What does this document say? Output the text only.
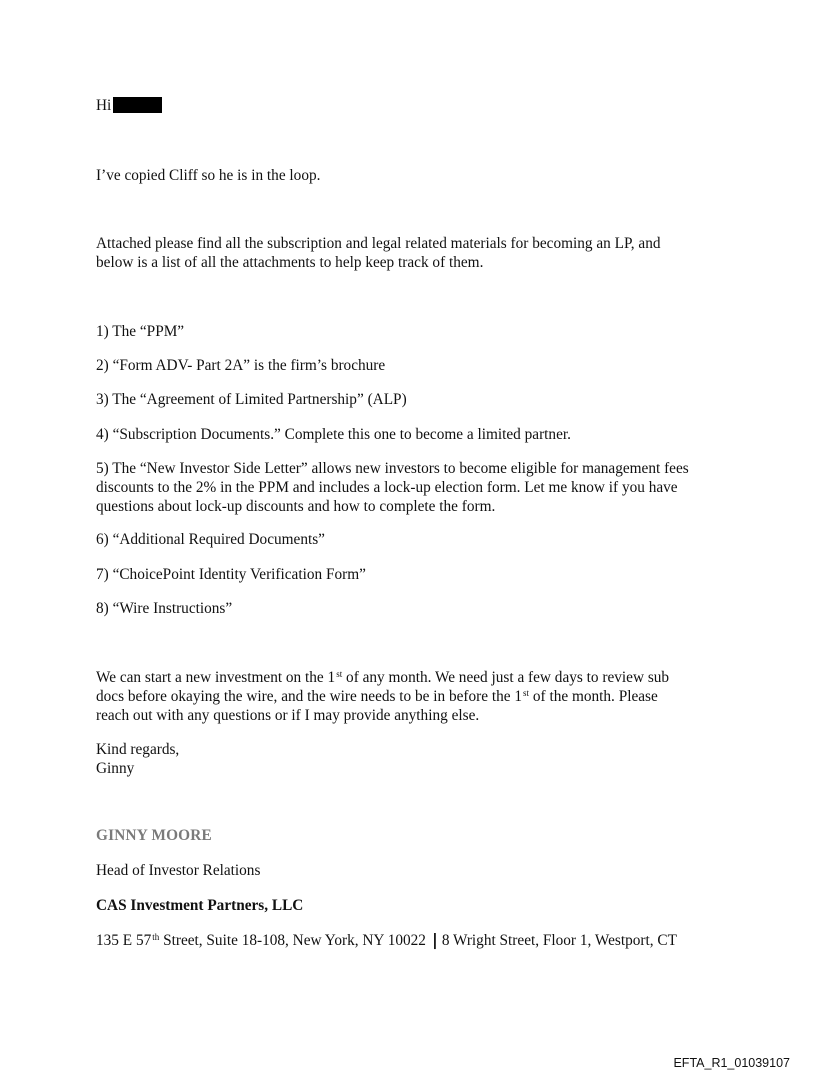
Hi

I’ve copied Cliff so he is in the loop.

Attached please find all the subscription and legal related materials for becoming an LP, and
below is a list of all the attachments to help keep track of them.

1) The “PPM”

2) “Form ADV- Part 2A” is the firm’s brochure

3) The “Agreement of Limited Partnership” (ALP)

4) “Subscription Documents.” Complete this one to become a limited partner.

5) The “New Investor Side Letter” allows new investors to become eligible for management fees
discounts to the 2% in the PPM and includes a lock-up election form. Let me know if you have
questions about lock-up discounts and how to complete the form.

6) “Additional Required Documents”

7) “ChoicePoint Identity Verification Form”

8) “Wire Instructions”

We can start a new investment on the 1st of any month. We need just a few days to review sub
docs before okaying the wire, and the wire needs to be in before the 1st of the month. Please
reach out with any questions or if I may provide anything else.

Kind regards,
Ginny

GINNY MOORE

Head of Investor Relations

CAS Investment Partners, LLC

135 E 57th Street, Suite 18-108, New York, NY 10022 | 8 Wright Street, Floor 1, Westport, CT

EFTA_R1_01039107
